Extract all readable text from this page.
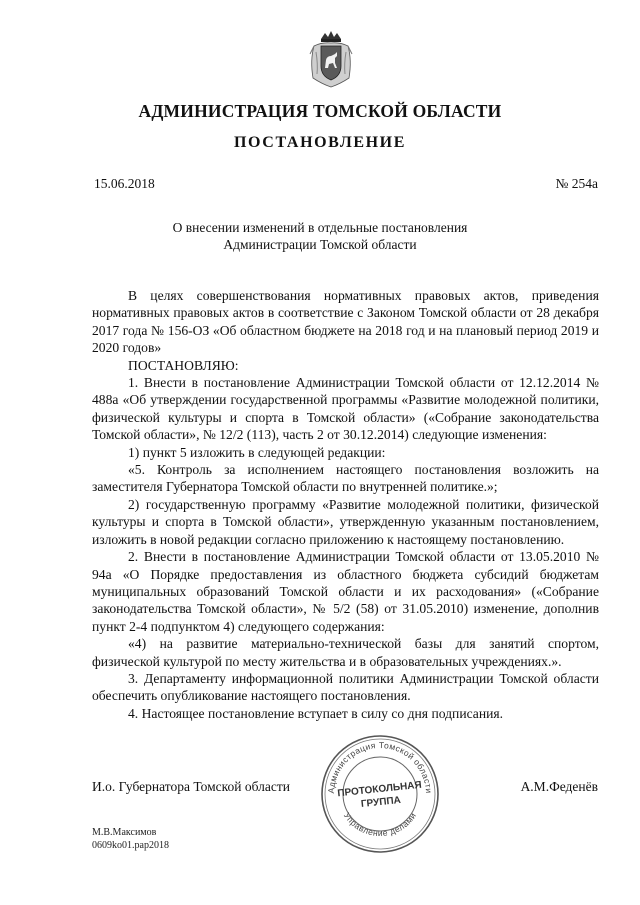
АДМИНИСТРАЦИЯ ТОМСКОЙ ОБЛАСТИ
ПОСТАНОВЛЕНИЕ
15.06.2018	№ 254а
О внесении изменений в отдельные постановления
Администрации Томской области

В целях совершенствования нормативных правовых актов, приведения нормативных правовых актов в соответствие с Законом Томской области от 28 декабря 2017 года № 156-ОЗ «Об областном бюджете на 2018 год и на плановый период 2019 и 2020 годов»

ПОСТАНОВЛЯЮ:

1. Внести в постановление Администрации Томской области от 12.12.2014 № 488а «Об утверждении государственной программы «Развитие молодежной политики, физической культуры и спорта в Томской области» («Собрание законодательства Томской области», № 12/2 (113), часть 2 от 30.12.2014) следующие изменения:

1) пункт 5 изложить в следующей редакции:

«5. Контроль за исполнением настоящего постановления возложить на заместителя Губернатора Томской области по внутренней политике.»;

2) государственную программу «Развитие молодежной политики, физической культуры и спорта в Томской области», утвержденную указанным постановлением, изложить в новой редакции согласно приложению к настоящему постановлению.

2. Внести в постановление Администрации Томской области от 13.05.2010 № 94а «О Порядке предоставления из областного бюджета субсидий бюджетам муниципальных образований Томской области и их расходования» («Собрание законодательства Томской области», № 5/2 (58) от 31.05.2010) изменение, дополнив пункт 2-4 подпунктом 4) следующего содержания:

«4) на развитие материально-технической базы для занятий спортом, физической культурой по месту жительства и в образовательных учреждениях.».

3. Департаменту информационной политики Администрации Томской области обеспечить опубликование настоящего постановления.

4. Настоящее постановление вступает в силу со дня подписания.

Администрация Томской области
Управление делами
ПРОТОКОЛЬНАЯ
ГРУППА
И.о. Губернатора Томской области	А.М.Феденёв
М.В.Максимов
0609ko01.pap2018
